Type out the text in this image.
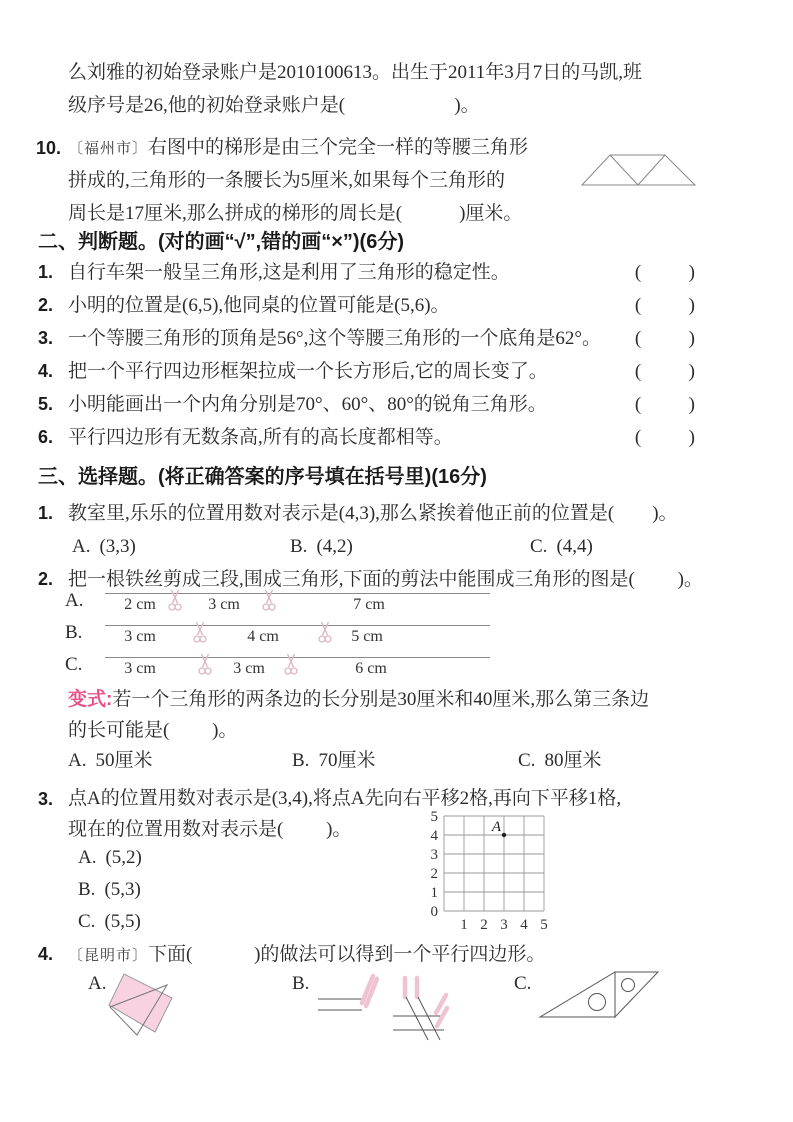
么刘雅的初始登录账户是2010100613。出生于2011年3月7日的马凯,班
级序号是26,他的初始登录账户是(                       )。
10. 〔福州市〕右图中的梯形是由三个完全一样的等腰三角形
拼成的,三角形的一条腰长为5厘米,如果每个三角形的
周长是17厘米,那么拼成的梯形的周长是(            )厘米。
二、判断题。(对的画“√”,错的画“×”)(6分)
1. 自行车架一般呈三角形,这是利用了三角形的稳定性。	(          )
2. 小明的位置是(6,5),他同桌的位置可能是(5,6)。	(          )
3. 一个等腰三角形的顶角是56°,这个等腰三角形的一个底角是62°。	(          )
4. 把一个平行四边形框架拉成一个长方形后,它的周长变了。	(          )
5. 小明能画出一个内角分别是70°、60°、80°的锐角三角形。	(          )
6. 平行四边形有无数条高,所有的高长度都相等。	(          )
三、选择题。(将正确答案的序号填在括号里)(16分)
1. 教室里,乐乐的位置用数对表示是(4,3),那么紧挨着他正前的位置是(        )。
A. (3,3)	B. (4,2)	C. (4,4)
2. 把一根铁丝剪成三段,围成三角形,下面的剪法中能围成三角形的图是(         )。
A.	2 cm	3 cm	7 cm
B.	3 cm	4 cm	5 cm
C.	3 cm	3 cm	6 cm
变式:若一个三角形的两条边的长分别是30厘米和40厘米,那么第三条边
的长可能是(         )。
A. 50厘米	B. 70厘米	C. 80厘米
3. 点A的位置用数对表示是(3,4),将点A先向右平移2格,再向下平移1格,
现在的位置用数对表示是(         )。
A. (5,2)
B. (5,3)
C. (5,5)
5
4
3
2
1
0
1 2 3 4 5
A
4. 〔昆明市〕下面(             )的做法可以得到一个平行四边形。
A.	B.	C.
